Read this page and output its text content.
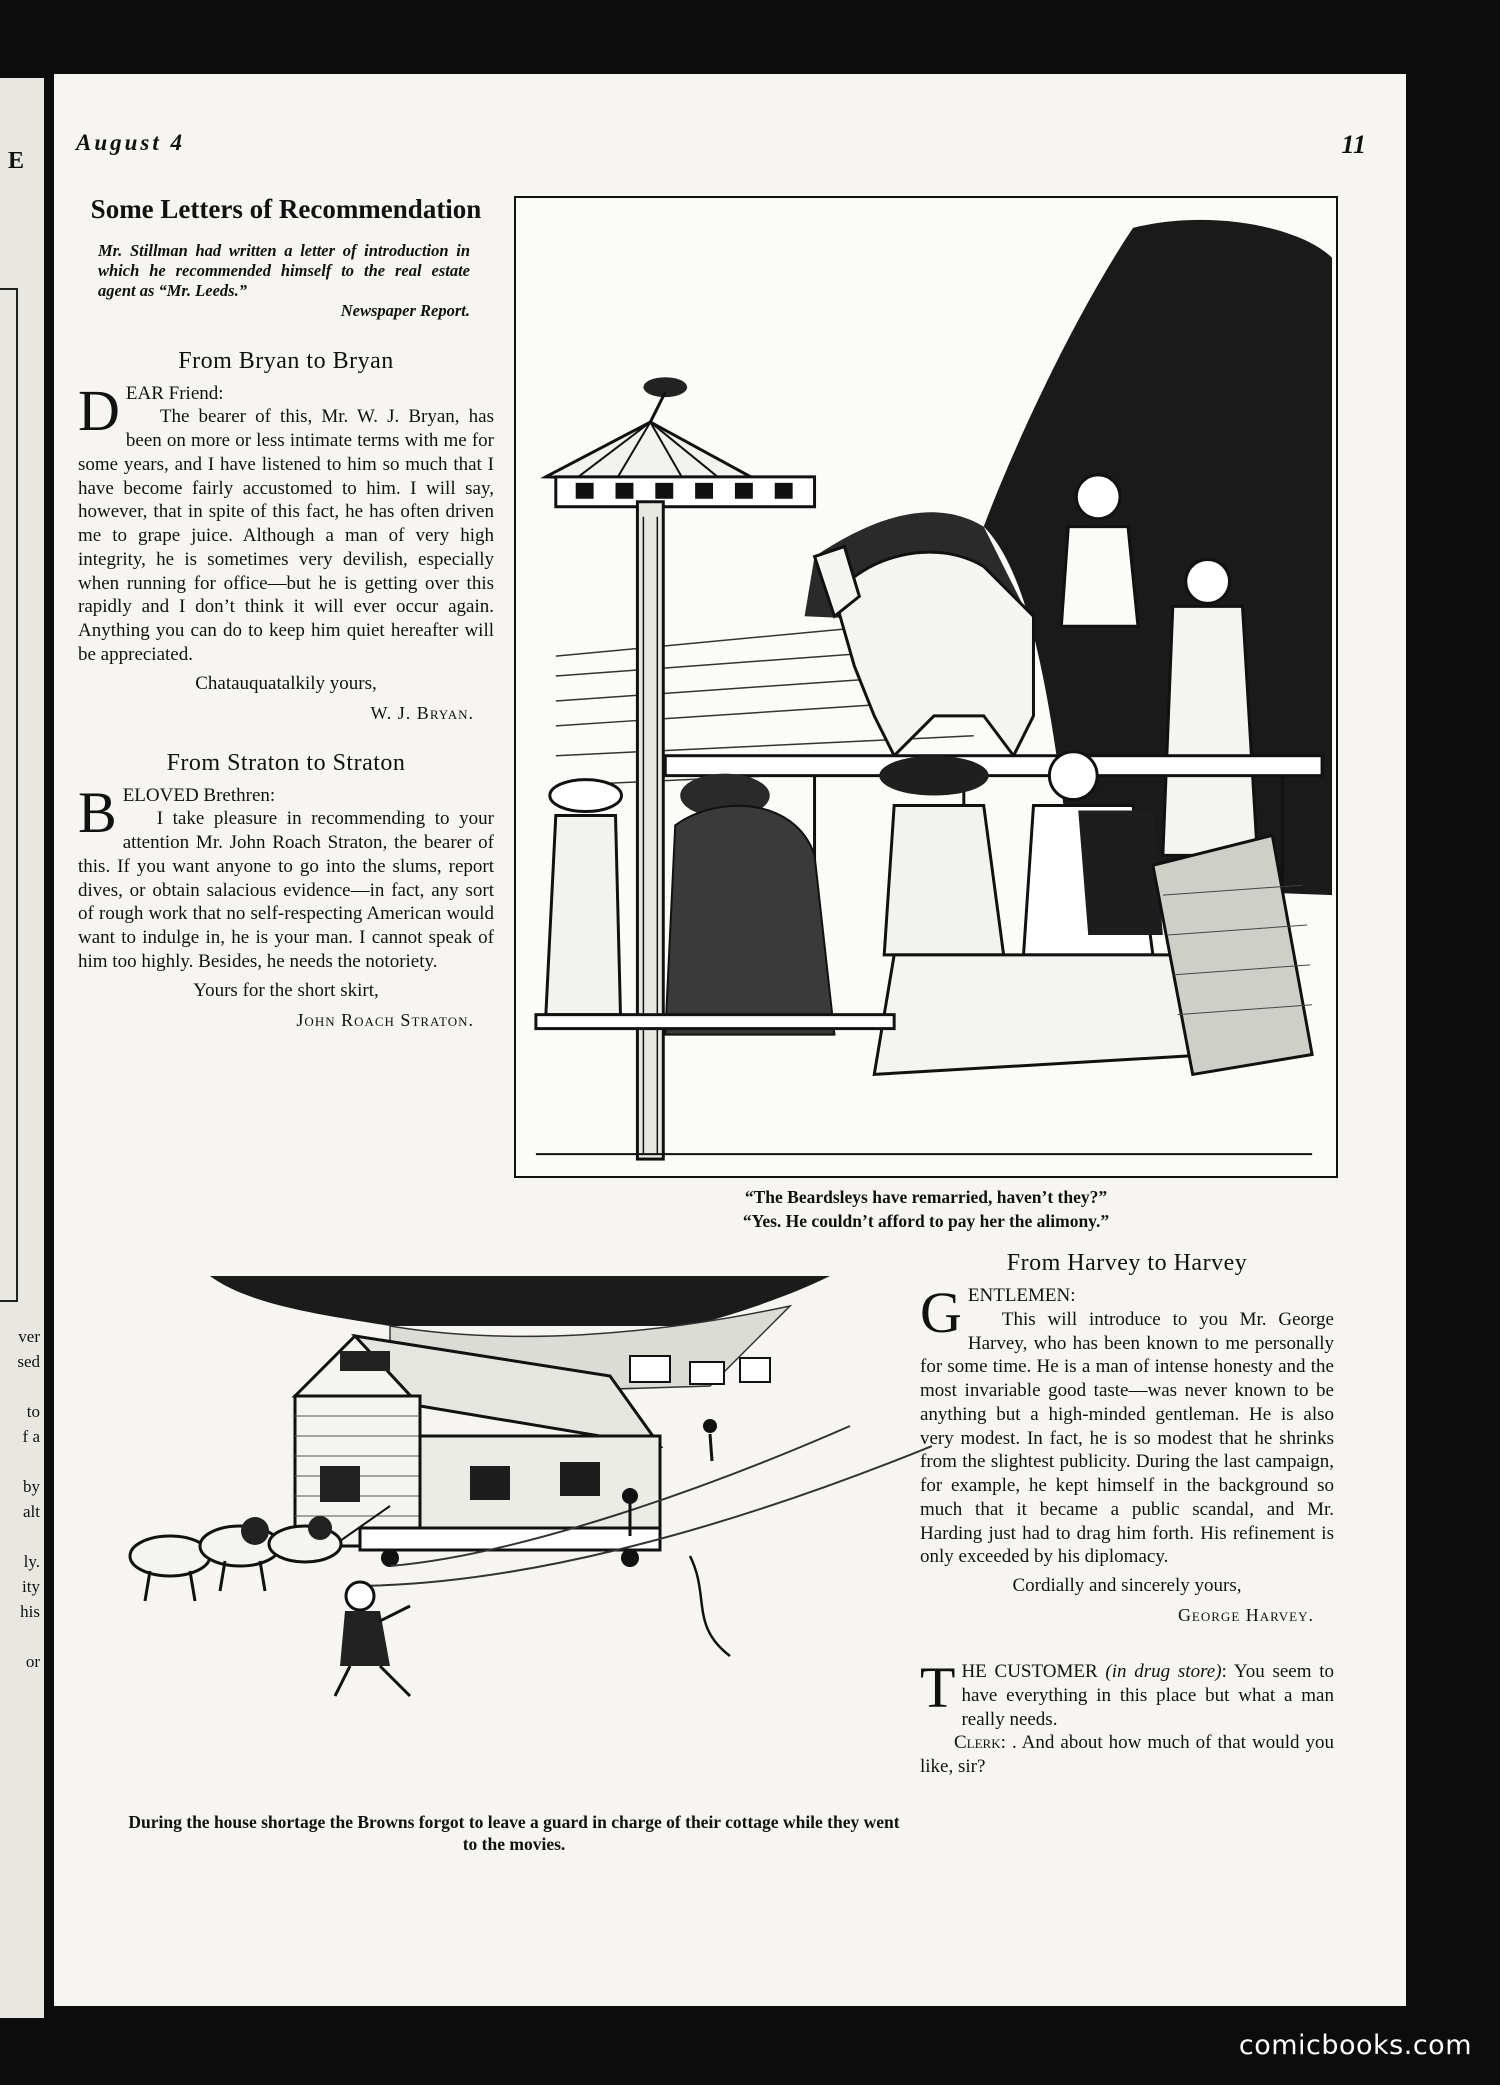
E
ver
sed
to
f a
by
alt
ly.
ity
his
or
August 4	11
Some Letters of Recommendation
Mr. Stillman had written a letter of introduction in which he recommended himself to the real estate agent as “Mr. Leeds.”
Newspaper Report.
From Bryan to Bryan
D EAR Friend:

The bearer of this, Mr. W. J. Bryan, has been on more or less intimate terms with me for some years, and I have listened to him so much that I have become fairly accustomed to him. I will say, however, that in spite of this fact, he has often driven me to grape juice. Although a man of very high integrity, he is sometimes very devilish, especially when running for office—but he is getting over this rapidly and I don’t think it will ever occur again. Anything you can do to keep him quiet hereafter will be appreciated.

Chatauquatalkily yours,

W. J. Bryan.

From Straton to Straton
B ELOVED Brethren:

I take pleasure in recommending to your attention Mr. John Roach Straton, the bearer of this. If you want anyone to go into the slums, report dives, or obtain salacious evidence—in fact, any sort of rough work that no self-respecting American would want to indulge in, he is your man. I cannot speak of him too highly. Besides, he needs the notoriety.

Yours for the short skirt,

John Roach Straton.

“The Beardsleys have remarried, haven’t they?”
“Yes. He couldn’t afford to pay her the alimony.”
During the house shortage the Browns forgot to leave a guard in charge of their cottage while they went to the movies.
From Harvey to Harvey
G ENTLEMEN:

This will introduce to you Mr. George Harvey, who has been known to me personally for some time. He is a man of intense honesty and the most invariable good taste—was never known to be anything but a high-minded gentleman. He is also very modest. In fact, he is so modest that he shrinks from the slightest publicity. During the last campaign, for example, he kept himself in the background so much that it became a public scandal, and Mr. Harding just had to drag him forth. His refinement is only exceeded by his diplomacy.

Cordially and sincerely yours,

George Harvey.

T HE CUSTOMER (in drug store): You seem to have everything in this place but what a man really needs.

Clerk: . And about how much of that would you like, sir?

comicbooks.com
